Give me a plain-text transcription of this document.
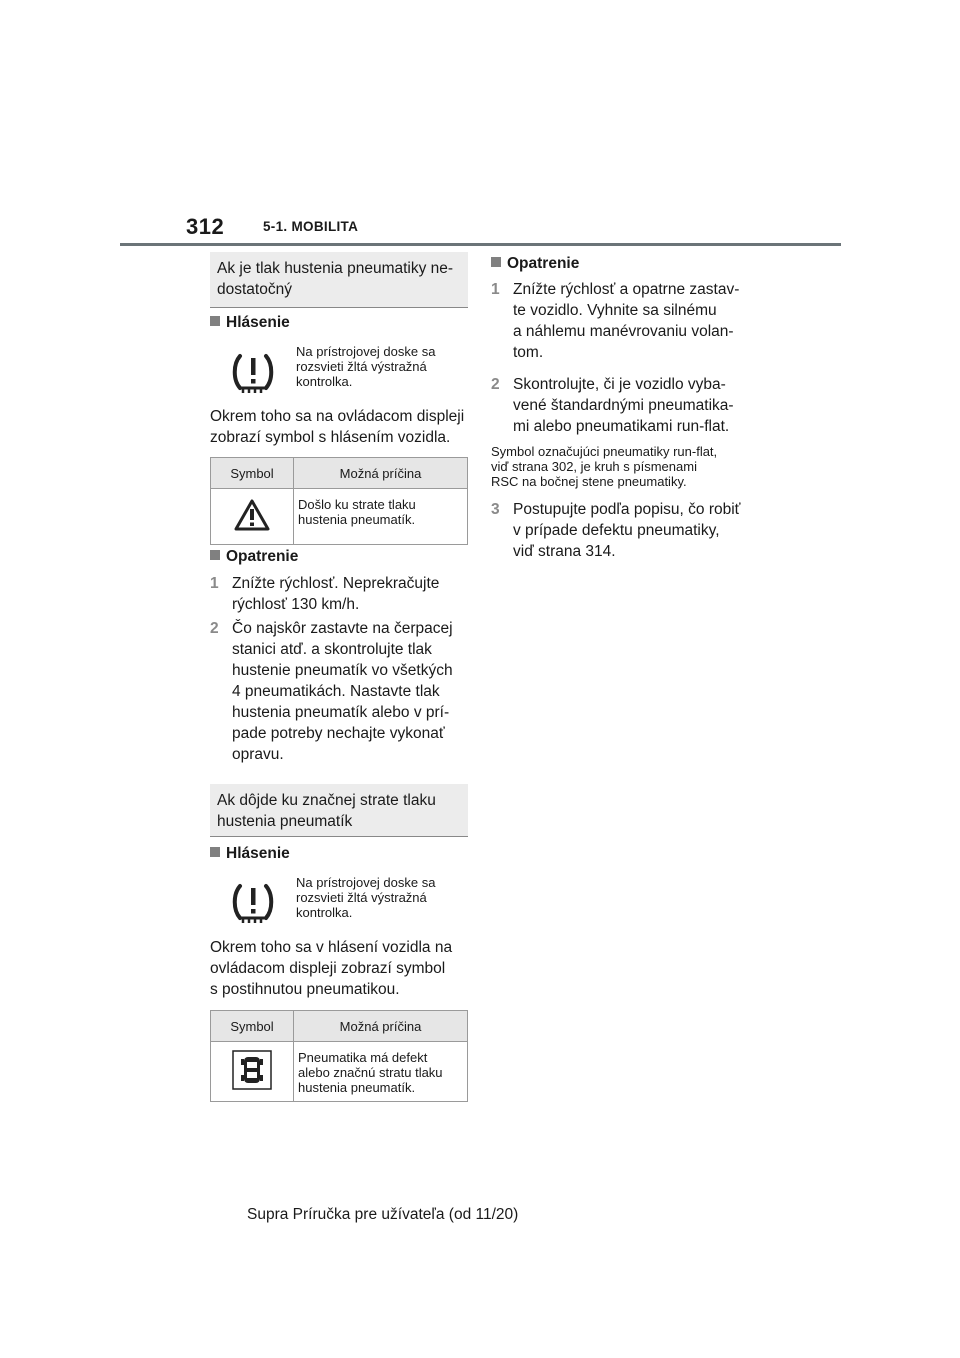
312	5-1. MOBILITA
Ak je tlak hustenia pneumatiky ne-
dostatočný
Hlásenie
Na prístrojovej doske sa
rozsvieti žltá výstražná
kontrolka.
Okrem toho sa na ovládacom displeji
zobrazí symbol s hlásením vozidla.
Symbol	Možná príčina
	Došlo ku strate tlaku
hustenia pneumatík.
Opatrenie
1 Znížte rýchlosť. Neprekračujte
rýchlosť 130 km/h.
2 Čo najskôr zastavte na čerpacej
stanici atď. a skontrolujte tlak
hustenie pneumatík vo všetkých
4 pneumatikách. Nastavte tlak
hustenia pneumatík alebo v prí-
pade potreby nechajte vykonať
opravu.
Ak dôjde ku značnej strate tlaku
hustenia pneumatík
Hlásenie
Na prístrojovej doske sa
rozsvieti žltá výstražná
kontrolka.
Okrem toho sa v hlásení vozidla na
ovládacom displeji zobrazí symbol
s postihnutou pneumatikou.
Symbol	Možná príčina
	Pneumatika má defekt
alebo značnú stratu tlaku
hustenia pneumatík.
Opatrenie
1 Znížte rýchlosť a opatrne zastav-
te vozidlo. Vyhnite sa silnému
a náhlemu manévrovaniu volan-
tom.
2 Skontrolujte, či je vozidlo vyba-
vené štandardnými pneumatika-
mi alebo pneumatikami run-flat.
Symbol označujúci pneumatiky run-flat,
viď strana 302, je kruh s písmenami
RSC na bočnej stene pneumatiky.
3 Postupujte podľa popisu, čo robiť
v prípade defektu pneumatiky,
viď strana 314.
Supra Príručka pre užívateľa (od 11/20)
